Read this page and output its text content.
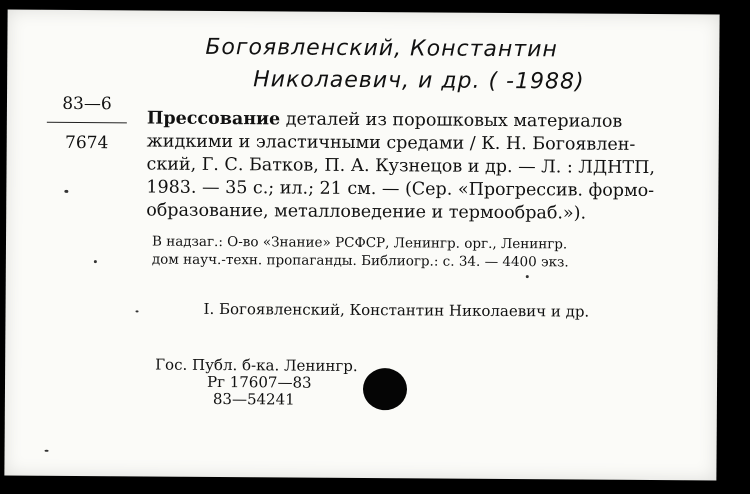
Богоявленский, Константин
Николаевич, и др. ( -1988)
83—6
7674
Прессование деталей из порошковых материалов
жидкими и эластичными средами / К. Н. Богоявлен-
ский, Г. С. Батков, П. А. Кузнецов и др. — Л. : ЛДНТП,
1983. — 35 с.; ил.; 21 см. — (Сер. «Прогрессив. формо-
образование, металловедение и термообраб.»).
В надзаг.: О-во «Знание» РСФСР, Ленингр. орг., Ленингр.
дом науч.-техн. пропаганды. Библиогр.: с. 34. — 4400 экз.
I. Богоявленский, Константин Николаевич и др.
Гос. Публ. б-ка. Ленингр.
Рг 17607—83
83—54241
